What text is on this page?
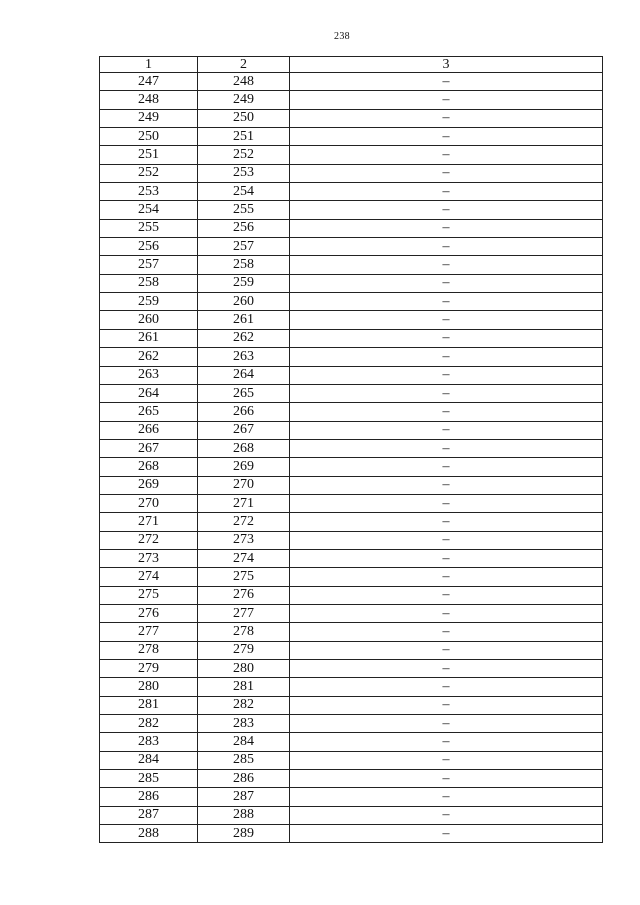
238
1	2	3
247	248	–
248	249	–
249	250	–
250	251	–
251	252	–
252	253	–
253	254	–
254	255	–
255	256	–
256	257	–
257	258	–
258	259	–
259	260	–
260	261	–
261	262	–
262	263	–
263	264	–
264	265	–
265	266	–
266	267	–
267	268	–
268	269	–
269	270	–
270	271	–
271	272	–
272	273	–
273	274	–
274	275	–
275	276	–
276	277	–
277	278	–
278	279	–
279	280	–
280	281	–
281	282	–
282	283	–
283	284	–
284	285	–
285	286	–
286	287	–
287	288	–
288	289	–
